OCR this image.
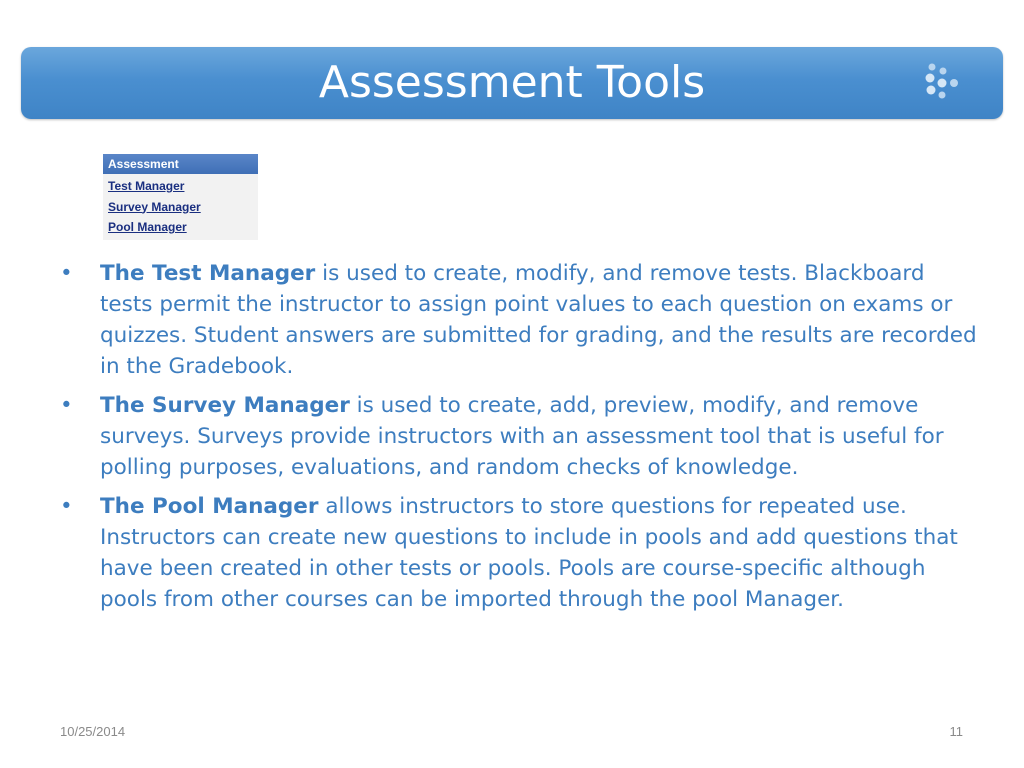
Assessment Tools
Assessment
Test Manager
Survey Manager
Pool Manager
•	The Test Manager is used to create, modify, and remove tests. Blackboard tests permit the instructor to assign point values to each question on exams or quizzes. Student answers are submitted for grading, and the results are recorded in the Gradebook.
•	The Survey Manager is used to create, add, preview, modify, and remove surveys. Surveys provide instructors with an assessment tool that is useful for polling purposes, evaluations, and random checks of knowledge.
•	The Pool Manager allows instructors to store questions for repeated use. Instructors can create new questions to include in pools and add questions that have been created in other tests or pools. Pools are course-specific although pools from other courses can be imported through the pool Manager.
10/25/2014	11
